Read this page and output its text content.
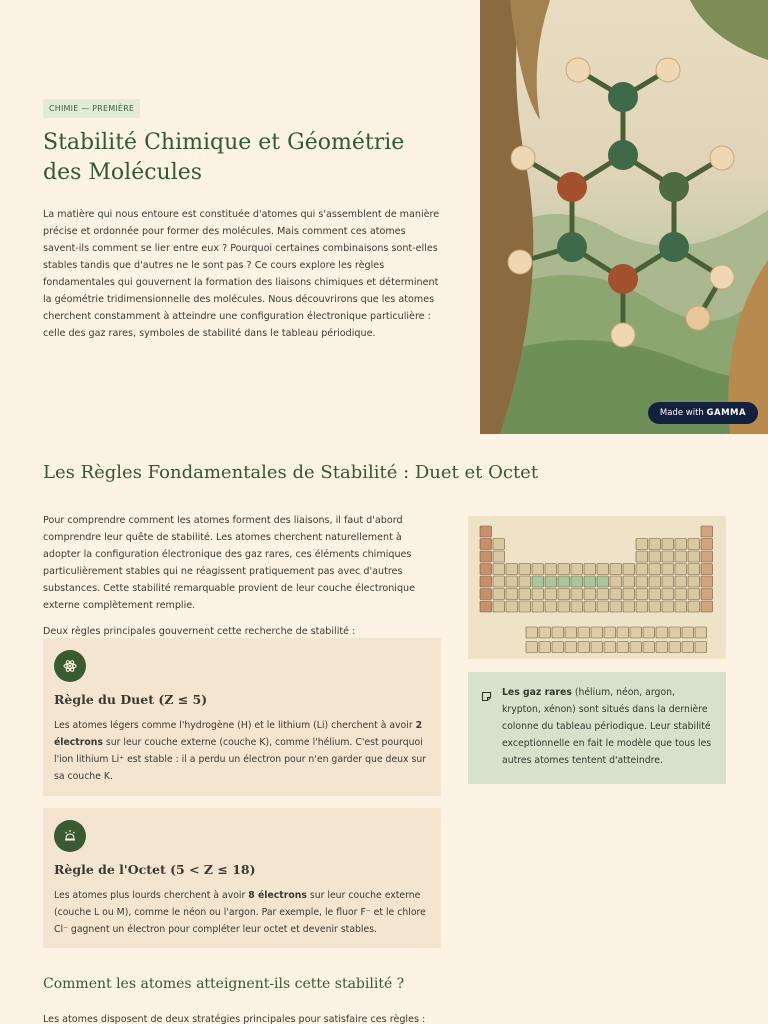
CHIMIE — PREMIÈRE
Stabilité Chimique et Géométrie des Molécules

La matière qui nous entoure est constituée d'atomes qui s'assemblent de manière précise et ordonnée pour former des molécules. Mais comment ces atomes savent-ils comment se lier entre eux ? Pourquoi certaines combinaisons sont-elles stables tandis que d'autres ne le sont pas ? Ce cours explore les règles fondamentales qui gouvernent la formation des liaisons chimiques et déterminent la géométrie tridimensionnelle des molécules. Nous découvrirons que les atomes cherchent constamment à atteindre une configuration électronique particulière : celle des gaz rares, symboles de stabilité dans le tableau périodique.

Made with GAMMA
Les Règles Fondamentales de Stabilité : Duet et Octet

Pour comprendre comment les atomes forment des liaisons, il faut d'abord comprendre leur quête de stabilité. Les atomes cherchent naturellement à adopter la configuration électronique des gaz rares, ces éléments chimiques particulièrement stables qui ne réagissent pratiquement pas avec d'autres substances. Cette stabilité remarquable provient de leur couche électronique externe complètement remplie.

Deux règles principales gouvernent cette recherche de stabilité :

Règle du Duet (Z ≤ 5)

Les atomes légers comme l'hydrogène (H) et le lithium (Li) cherchent à avoir 2 électrons sur leur couche externe (couche K), comme l'hélium. C'est pourquoi l'ion lithium Li⁺ est stable : il a perdu un électron pour n'en garder que deux sur sa couche K.

Règle de l'Octet (5 < Z ≤ 18)

Les atomes plus lourds cherchent à avoir 8 électrons sur leur couche externe (couche L ou M), comme le néon ou l'argon. Par exemple, le fluor F⁻ et le chlore Cl⁻ gagnent un électron pour compléter leur octet et devenir stables.

Comment les atomes atteignent-ils cette stabilité ?

Les atomes disposent de deux stratégies principales pour satisfaire ces règles :

Les gaz rares (hélium, néon, argon, krypton, xénon) sont situés dans la dernière colonne du tableau périodique. Leur stabilité exceptionnelle en fait le modèle que tous les autres atomes tentent d'atteindre.
